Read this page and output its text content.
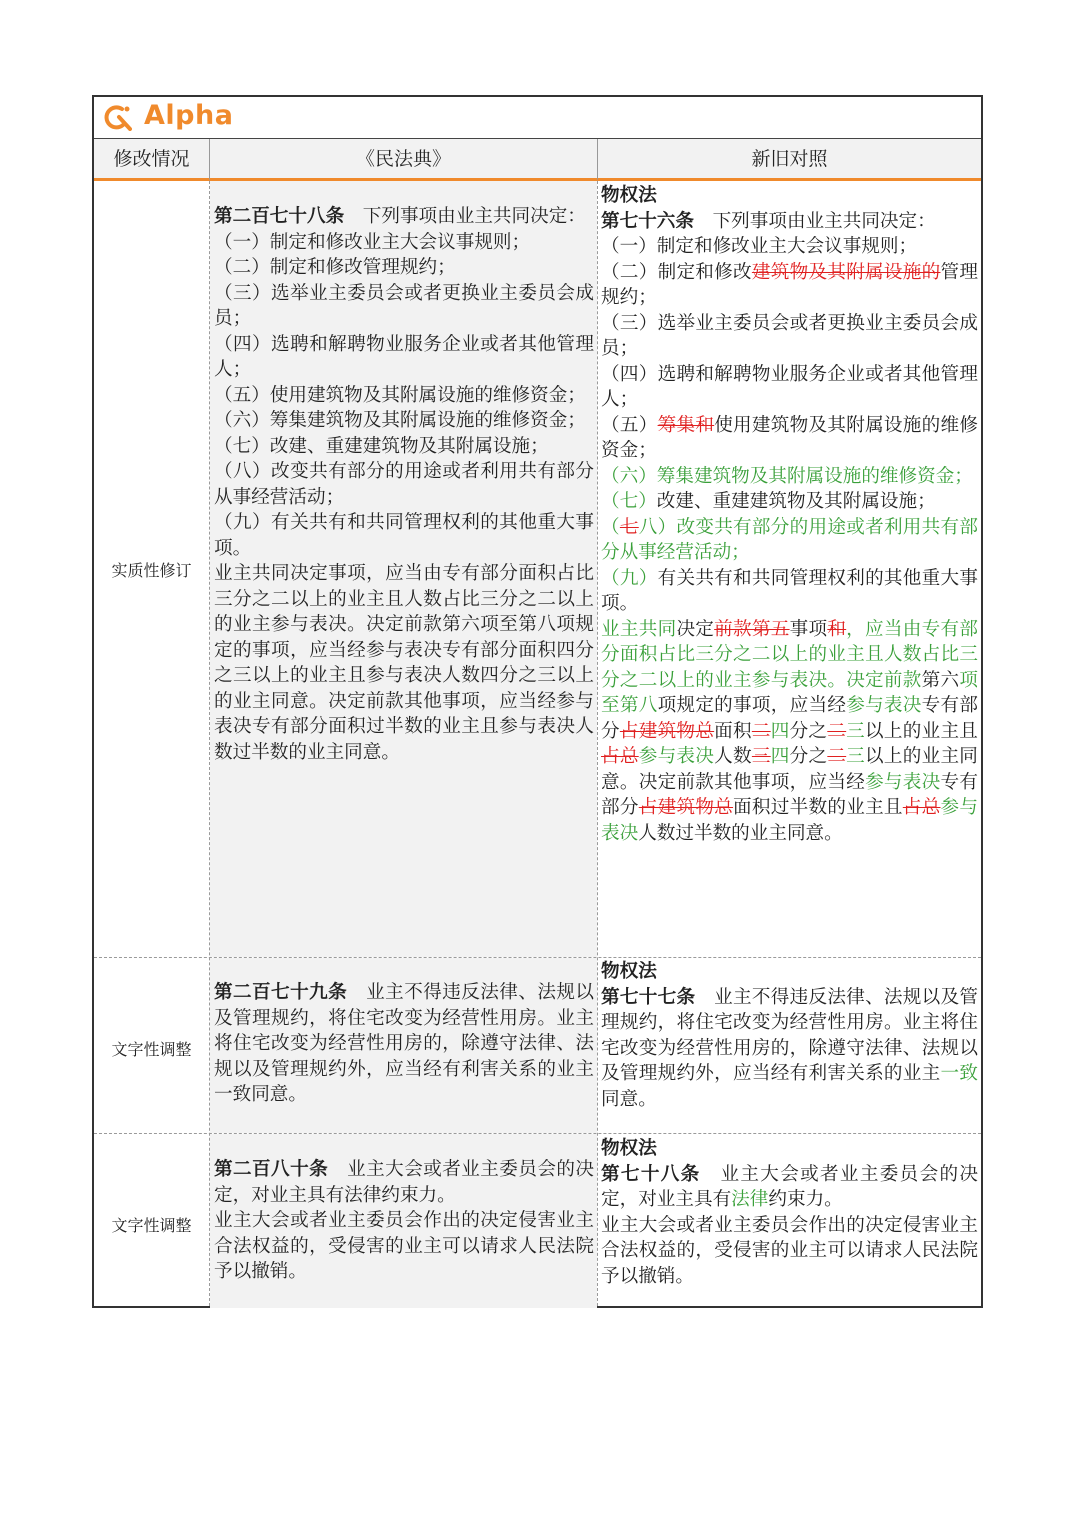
Alpha
修改情况	《民法典》	新旧对照
实质性修订
文字性调整
文字性调整
第二百七十八条　下列事项由业主共同决定：
（一）制定和修改业主大会议事规则；
（二）制定和修改管理规约；
（三）选举业主委员会或者更换业主委员会成员；
（四）选聘和解聘物业服务企业或者其他管理人；
（五）使用建筑物及其附属设施的维修资金；
（六）筹集建筑物及其附属设施的维修资金；
（七）改建、重建建筑物及其附属设施；
（八）改变共有部分的用途或者利用共有部分从事经营活动；
（九）有关共有和共同管理权利的其他重大事项。
业主共同决定事项，应当由专有部分面积占比三分之二以上的业主且人数占比三分之二以上的业主参与表决。决定前款第六项至第八项规定的事项，应当经参与表决专有部分面积四分之三以上的业主且参与表决人数四分之三以上的业主同意。决定前款其他事项，应当经参与表决专有部分面积过半数的业主且参与表决人数过半数的业主同意。
物权法
第七十六条　下列事项由业主共同决定：
（一）制定和修改业主大会议事规则；
（二）制定和修改建筑物及其附属设施的管理规约；
（三）选举业主委员会或者更换业主委员会成员；
（四）选聘和解聘物业服务企业或者其他管理人；
（五）筹集和使用建筑物及其附属设施的维修资金；
（六）筹集建筑物及其附属设施的维修资金；
（七）改建、重建建筑物及其附属设施；
（七八）改变共有部分的用途或者利用共有部分从事经营活动；
（九）有关共有和共同管理权利的其他重大事项。
业主共同决定前款第五事项和，应当由专有部分面积占比三分之二以上的业主且人数占比三分之二以上的业主参与表决。决定前款第六项至第八项规定的事项，应当经参与表决专有部分占建筑物总面积二四分之二三以上的业主且占总参与表决人数三四分之二三以上的业主同意。决定前款其他事项，应当经参与表决专有部分占建筑物总面积过半数的业主且占总参与表决人数过半数的业主同意。
第二百七十九条　业主不得违反法律、法规以及管理规约，将住宅改变为经营性用房。业主将住宅改变为经营性用房的，除遵守法律、法规以及管理规约外，应当经有利害关系的业主一致同意。
物权法
第七十七条　业主不得违反法律、法规以及管理规约，将住宅改变为经营性用房。业主将住宅改变为经营性用房的，除遵守法律、法规以及管理规约外，应当经有利害关系的业主一致同意。
第二百八十条　业主大会或者业主委员会的决定，对业主具有法律约束力。
业主大会或者业主委员会作出的决定侵害业主合法权益的，受侵害的业主可以请求人民法院予以撤销。
物权法
第七十八条　业主大会或者业主委员会的决定，对业主具有法律约束力。
业主大会或者业主委员会作出的决定侵害业主合法权益的，受侵害的业主可以请求人民法院予以撤销。
